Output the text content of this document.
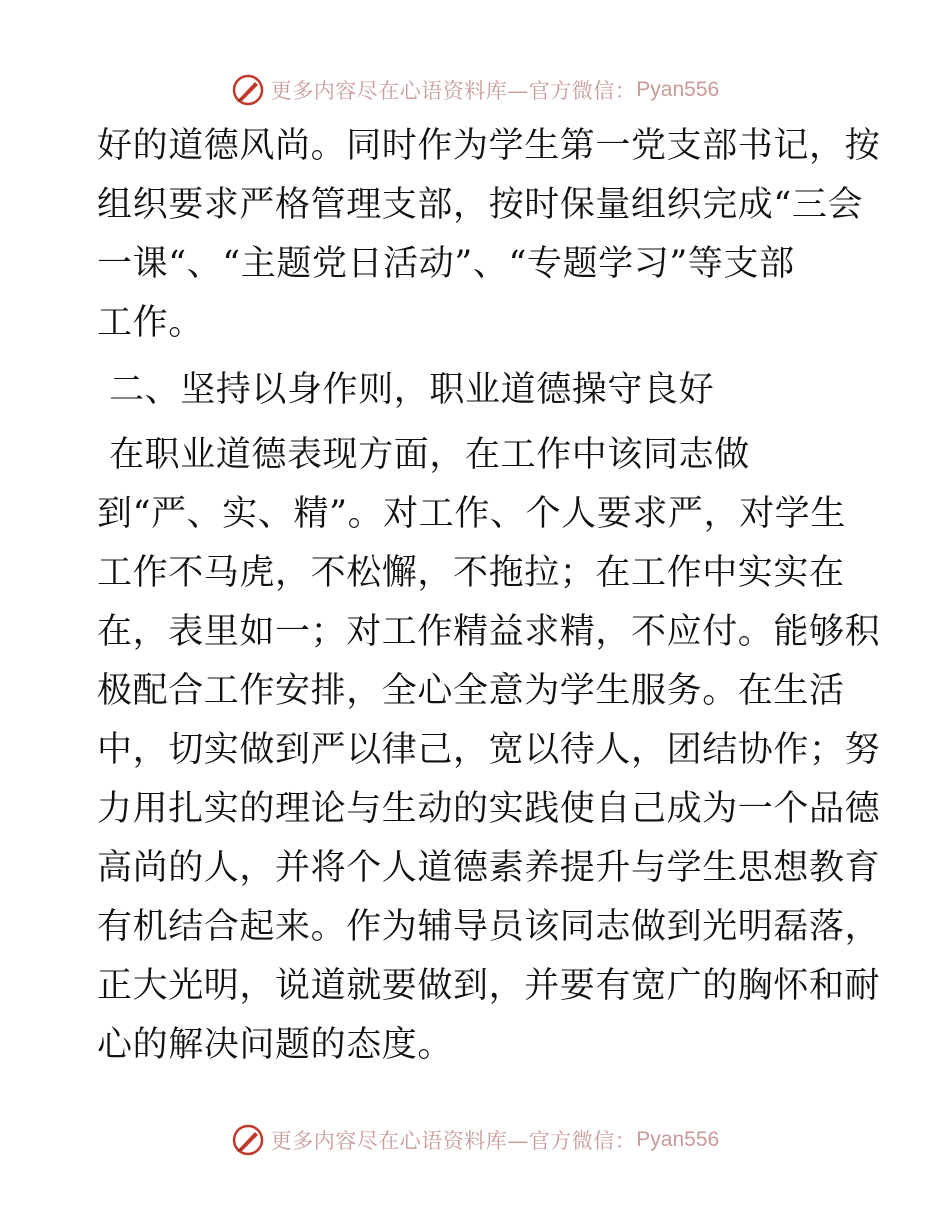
更多内容尽在心语资料库—官方微信： Pyan556
好的道德风尚。同时作为学生第一党支部书记，按
组织要求严格管理支部，按时保量组织完成“三会
一课“、“主题党日活动”、“专题学习”等支部
工作。
二、坚持以身作则，职业道德操守良好
在职业道德表现方面，在工作中该同志做
到“严、实、精”。对工作、个人要求严，对学生
工作不马虎，不松懈，不拖拉；在工作中实实在
在，表里如一；对工作精益求精，不应付。能够积
极配合工作安排，全心全意为学生服务。在生活
中，切实做到严以律己，宽以待人，团结协作；努
力用扎实的理论与生动的实践使自己成为一个品德
高尚的人，并将个人道德素养提升与学生思想教育
有机结合起来。作为辅导员该同志做到光明磊落，
正大光明，说道就要做到，并要有宽广的胸怀和耐
心的解决问题的态度。
更多内容尽在心语资料库—官方微信： Pyan556
